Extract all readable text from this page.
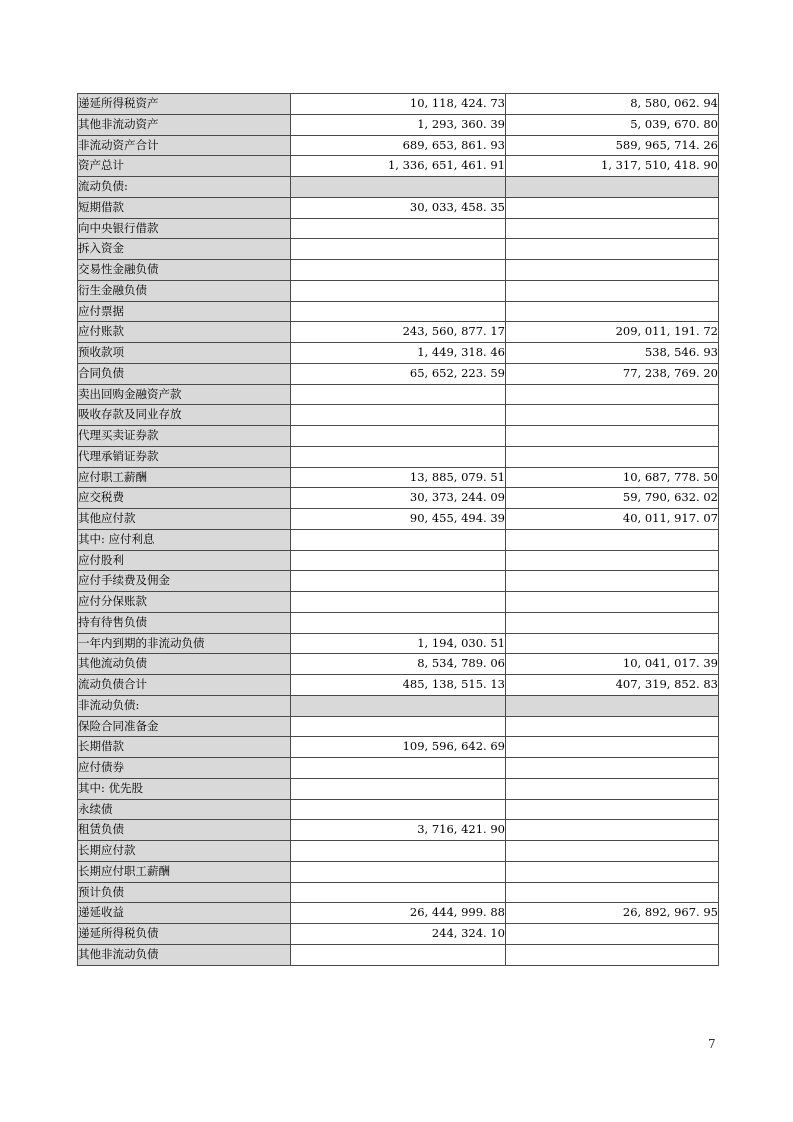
递延所得税资产	10, 118, 424. 73	8, 580, 062. 94
其他非流动资产	1, 293, 360. 39	5, 039, 670. 80
非流动资产合计	689, 653, 861. 93	589, 965, 714. 26
资产总计	1, 336, 651, 461. 91	1, 317, 510, 418. 90
流动负债:		
短期借款	30, 033, 458. 35	
向中央银行借款		
拆入资金		
交易性金融负债		
衍生金融负债		
应付票据		
应付账款	243, 560, 877. 17	209, 011, 191. 72
预收款项	1, 449, 318. 46	538, 546. 93
合同负债	65, 652, 223. 59	77, 238, 769. 20
卖出回购金融资产款		
吸收存款及同业存放		
代理买卖证券款		
代理承销证券款		
应付职工薪酬	13, 885, 079. 51	10, 687, 778. 50
应交税费	30, 373, 244. 09	59, 790, 632. 02
其他应付款	90, 455, 494. 39	40, 011, 917. 07
其中: 应付利息		
应付股利		
应付手续费及佣金		
应付分保账款		
持有待售负债		
一年内到期的非流动负债	1, 194, 030. 51	
其他流动负债	8, 534, 789. 06	10, 041, 017. 39
流动负债合计	485, 138, 515. 13	407, 319, 852. 83
非流动负债:		
保险合同准备金		
长期借款	109, 596, 642. 69	
应付债券		
其中: 优先股		
永续债		
租赁负债	3, 716, 421. 90	
长期应付款		
长期应付职工薪酬		
预计负债		
递延收益	26, 444, 999. 88	26, 892, 967. 95
递延所得税负债	244, 324. 10	
其他非流动负债		
7
